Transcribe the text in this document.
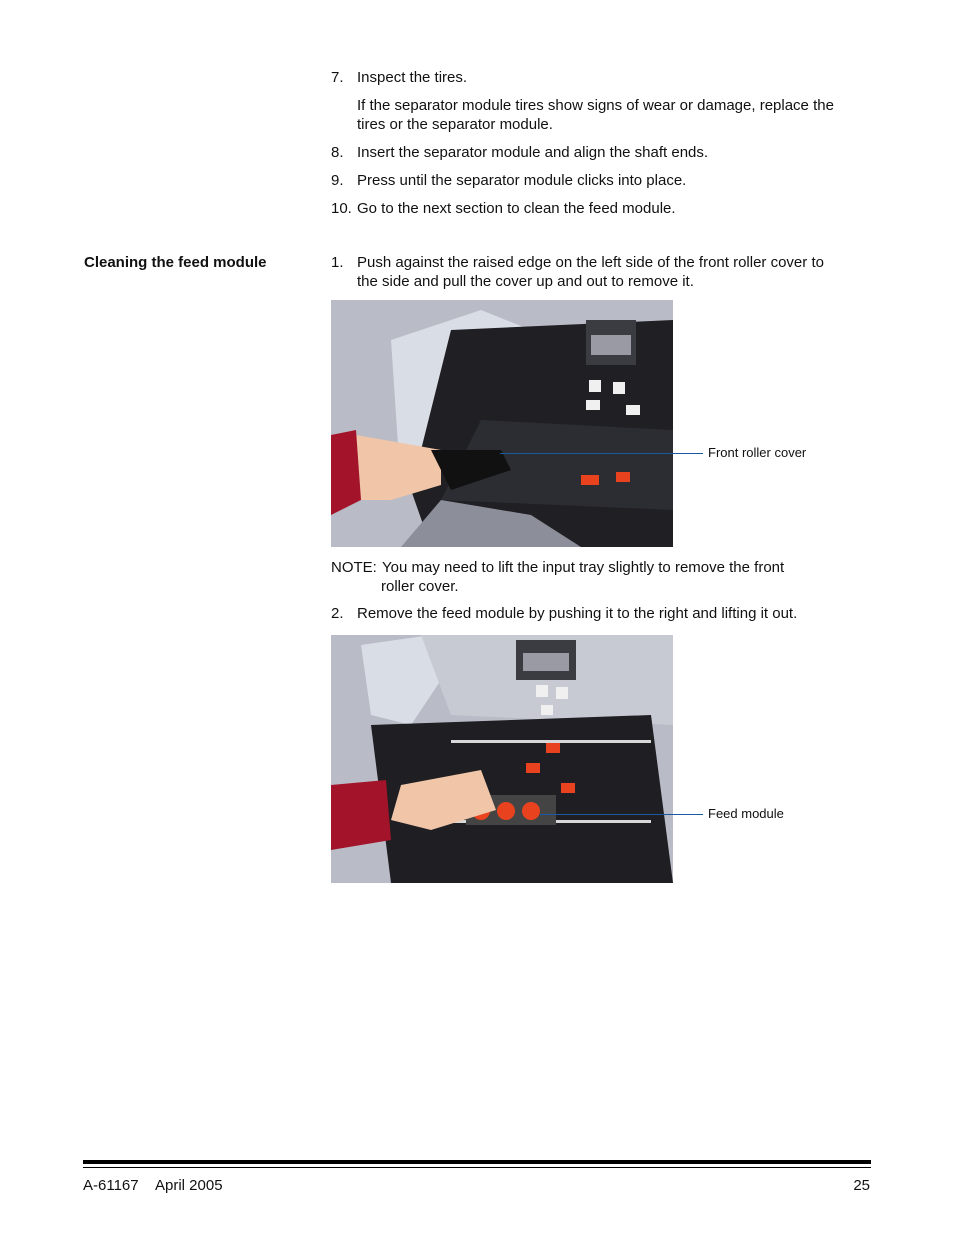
7. Inspect the tires.
If the separator module tires show signs of wear or damage, replace the
tires or the separator module.
8. Insert the separator module and align the shaft ends.
9. Press until the separator module clicks into place.
10. Go to the next section to clean the feed module.
Cleaning the feed module	1. Push against the raised edge on the left side of the front roller cover to
the side and pull the cover up and out to remove it.
Front roller cover
NOTE: You may need to lift the input tray slightly to remove the front
roller cover.
2. Remove the feed module by pushing it to the right and lifting it out.
Feed module
A-61167 April 2005	25
